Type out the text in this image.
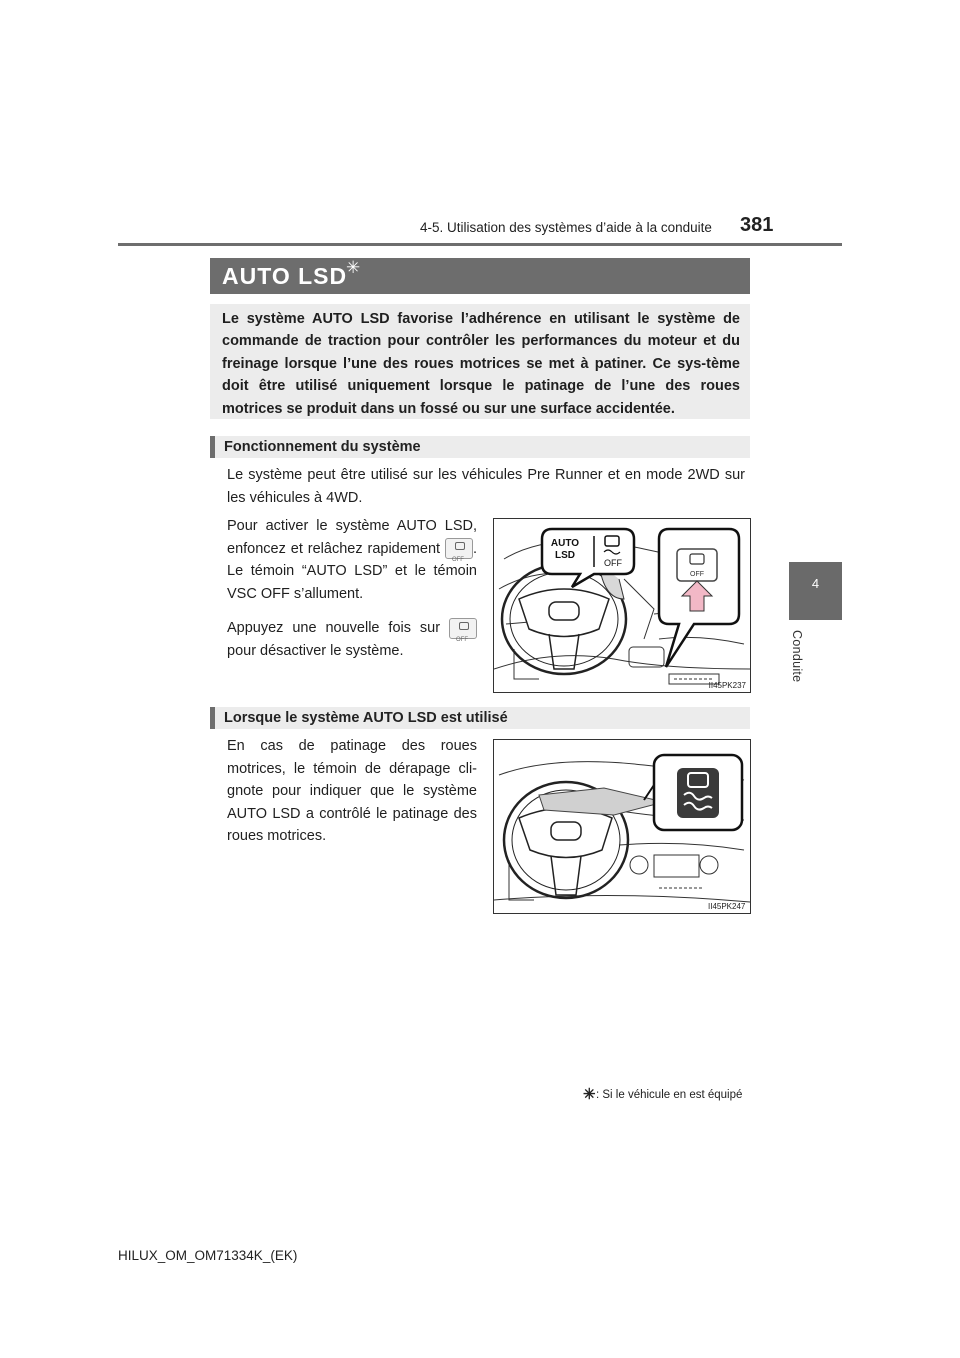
4-5. Utilisation des systèmes d’aide à la conduite 381
4
Conduite
AUTO LSD
✳
Le système AUTO LSD favorise l’adhérence en utilisant le système de commande de traction pour contrôler les performances du moteur et du freinage lorsque l’une des roues motrices se met à patiner. Ce sys-tème doit être utilisé uniquement lorsque le patinage de l’une des roues motrices se produit dans un fossé ou sur une surface accidentée.
Fonctionnement du système
Le système peut être utilisé sur les véhicules Pre Runner et en mode 2WD sur les véhicules à 4WD.
Pour activer le système AUTO LSD, enfoncez et relâchez rapidement OFF . Le témoin “AUTO LSD” et le témoin VSC OFF s’allument.
Appuyez une nouvelle fois sur OFF pour désactiver le système.
AUTO
LSD
OFF
OFF
II45PK237
Lorsque le système AUTO LSD est utilisé
En cas de patinage des roues motrices, le témoin de dérapage cli-gnote pour indiquer que le système AUTO LSD a contrôlé le patinage des roues motrices.
II45PK247
✳ : Si le véhicule en est équipé
HILUX_OM_OM71334K_(EK)
